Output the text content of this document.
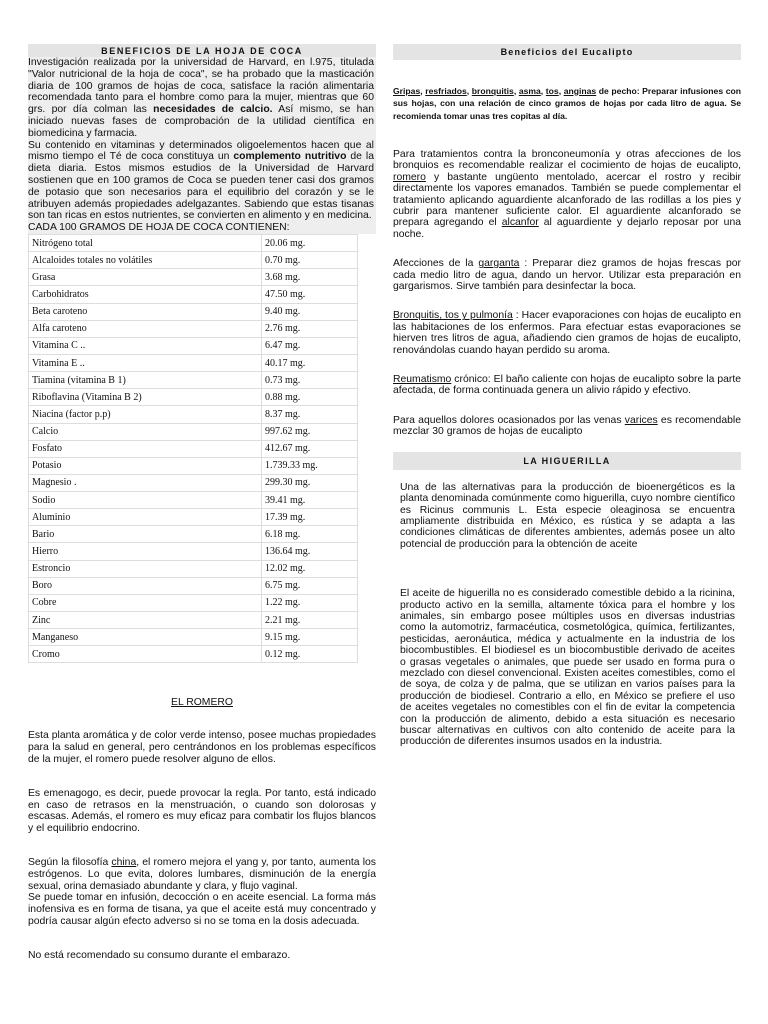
BENEFICIOS DE LA HOJA DE COCA

Investigación realizada por la universidad de Harvard, en l.975, titulada "Valor nutricional de la hoja de coca", se ha probado que la masticación diaria de 100 gramos de hojas de coca, satisface la ración alimentaria recomendada tanto para el hombre como para la mujer, mientras que 60 grs. por día colman las necesidades de calcio. Así mismo, se han iniciado nuevas fases de comprobación de la utilidad científica en biomedicina y farmacia.

Su contenido en vitaminas y determinados oligoelementos hacen que al mismo tiempo el Té de coca constituya un complemento nutritivo de la dieta diaria. Estos mismos estudios de la Universidad de Harvard sostienen que en 100 gramos de Coca se pueden tener casi dos gramos de potasio que son necesarios para el equilibrio del corazón y se le atribuyen además propiedades adelgazantes. Sabiendo que estas tisanas son tan ricas en estos nutrientes, se convierten en alimento y en medicina.

CADA 100 GRAMOS DE HOJA DE COCA CONTIENEN:
Nitrógeno total	20.06 mg.
Alcaloides totales no volátiles	0.70 mg.
Grasa	3.68 mg.
Carbohidratos	47.50 mg.
Beta caroteno	9.40 mg.
Alfa caroteno	2.76 mg.
Vitamina C ..	6.47 mg.
Vitamina E ..	40.17 mg.
Tiamina (vitamina B 1)	0.73 mg.
Riboflavina (Vitamina B 2)	0.88 mg.
Niacina (factor p.p)	8.37 mg.
Calcio	997.62 mg.
Fosfato	412.67 mg.
Potasio	1.739.33 mg.
Magnesio .	299.30 mg.
Sodio	39.41 mg.
Aluminio	17.39 mg.
Bario	6.18 mg.
Hierro	136.64 mg.
Estroncio	12.02 mg.
Boro	6.75 mg.
Cobre	1.22 mg.
Zinc	2.21 mg.
Manganeso	9.15 mg.
Cromo	0.12 mg.

EL ROMERO

Esta planta aromática y de color verde intenso, posee muchas propiedades para la salud en general, pero centrándonos en los problemas específicos de la mujer, el romero puede resolver alguno de ellos.

Es emenagogo, es decir, puede provocar la regla. Por tanto, está indicado en caso de retrasos en la menstruación, o cuando son dolorosas y escasas. Además, el romero es muy eficaz para combatir los flujos blancos y el equilibrio endocrino.

Según la filosofía china, el romero mejora el yang y, por tanto, aumenta los estrógenos. Lo que evita, dolores lumbares, disminución de la energía sexual, orina demasiado abundante y clara, y flujo vaginal.

Se puede tomar en infusión, decocción o en aceite esencial. La forma más inofensiva es en forma de tisana, ya que el aceite está muy concentrado y podría causar algún efecto adverso si no se toma en la dosis adecuada.

No está recomendado su consumo durante el embarazo.

Beneficios del Eucalipto

Gripas, resfriados, bronquitis, asma, tos, anginas de pecho: Preparar infusiones con sus hojas, con una relación de cinco gramos de hojas por cada litro de agua. Se recomienda tomar unas tres copitas al día.

Para tratamientos contra la bronconeumonía y otras afecciones de los bronquios es recomendable realizar el cocimiento de hojas de eucalipto, romero y bastante ungüento mentolado, acercar el rostro y recibir directamente los vapores emanados. También se puede complementar el tratamiento aplicando aguardiente alcanforado de las rodillas a los pies y cubrir para mantener suficiente calor. El aguardiente alcanforado se prepara agregando el alcanfor al aguardiente y dejarlo reposar por una noche.

Afecciones de la garganta : Preparar diez gramos de hojas frescas por cada medio litro de agua, dando un hervor. Utilizar esta preparación en gargarismos. Sirve también para desinfectar la boca.

Bronquitis, tos y pulmonía : Hacer evaporaciones con hojas de eucalipto en las habitaciones de los enfermos. Para efectuar estas evaporaciones se hierven tres litros de agua, añadiendo cien gramos de hojas de eucalipto, renovándolas cuando hayan perdido su aroma.

Reumatismo crónico: El baño caliente con hojas de eucalipto sobre la parte afectada, de forma continuada genera un alivio rápido y efectivo.

Para aquellos dolores ocasionados por las venas varices es recomendable mezclar 30 gramos de hojas de eucalipto

LA HIGUERILLA

Una de las alternativas para la producción de bioenergéticos es la planta denominada comúnmente como higuerilla, cuyo nombre científico es Ricinus communis L. Esta especie oleaginosa se encuentra ampliamente distribuida en México, es rústica y se adapta a las condiciones climáticas de diferentes ambientes, además posee un alto potencial de producción para la obtención de aceite

El aceite de higuerilla no es considerado comestible debido a la ricinina, producto activo en la semilla, altamente tóxica para el hombre y los animales, sin embargo posee múltiples usos en diversas industrias como la automotriz, farmacéutica, cosmetológica, química, fertilizantes, pesticidas, aeronáutica, médica y actualmente en la industria de los biocombustibles. El biodiesel es un biocombustible derivado de aceites o grasas vegetales o animales, que puede ser usado en forma pura o mezclado con diesel convencional. Existen aceites comestibles, como el de soya, de colza y de palma, que se utilizan en varios países para la producción de biodiesel. Contrario a ello, en México se prefiere el uso de aceites vegetales no comestibles con el fin de evitar la competencia con la producción de alimento, debido a esta situación es necesario buscar alternativas en cultivos con alto contenido de aceite para la producción de diferentes insumos usados en la industria.
